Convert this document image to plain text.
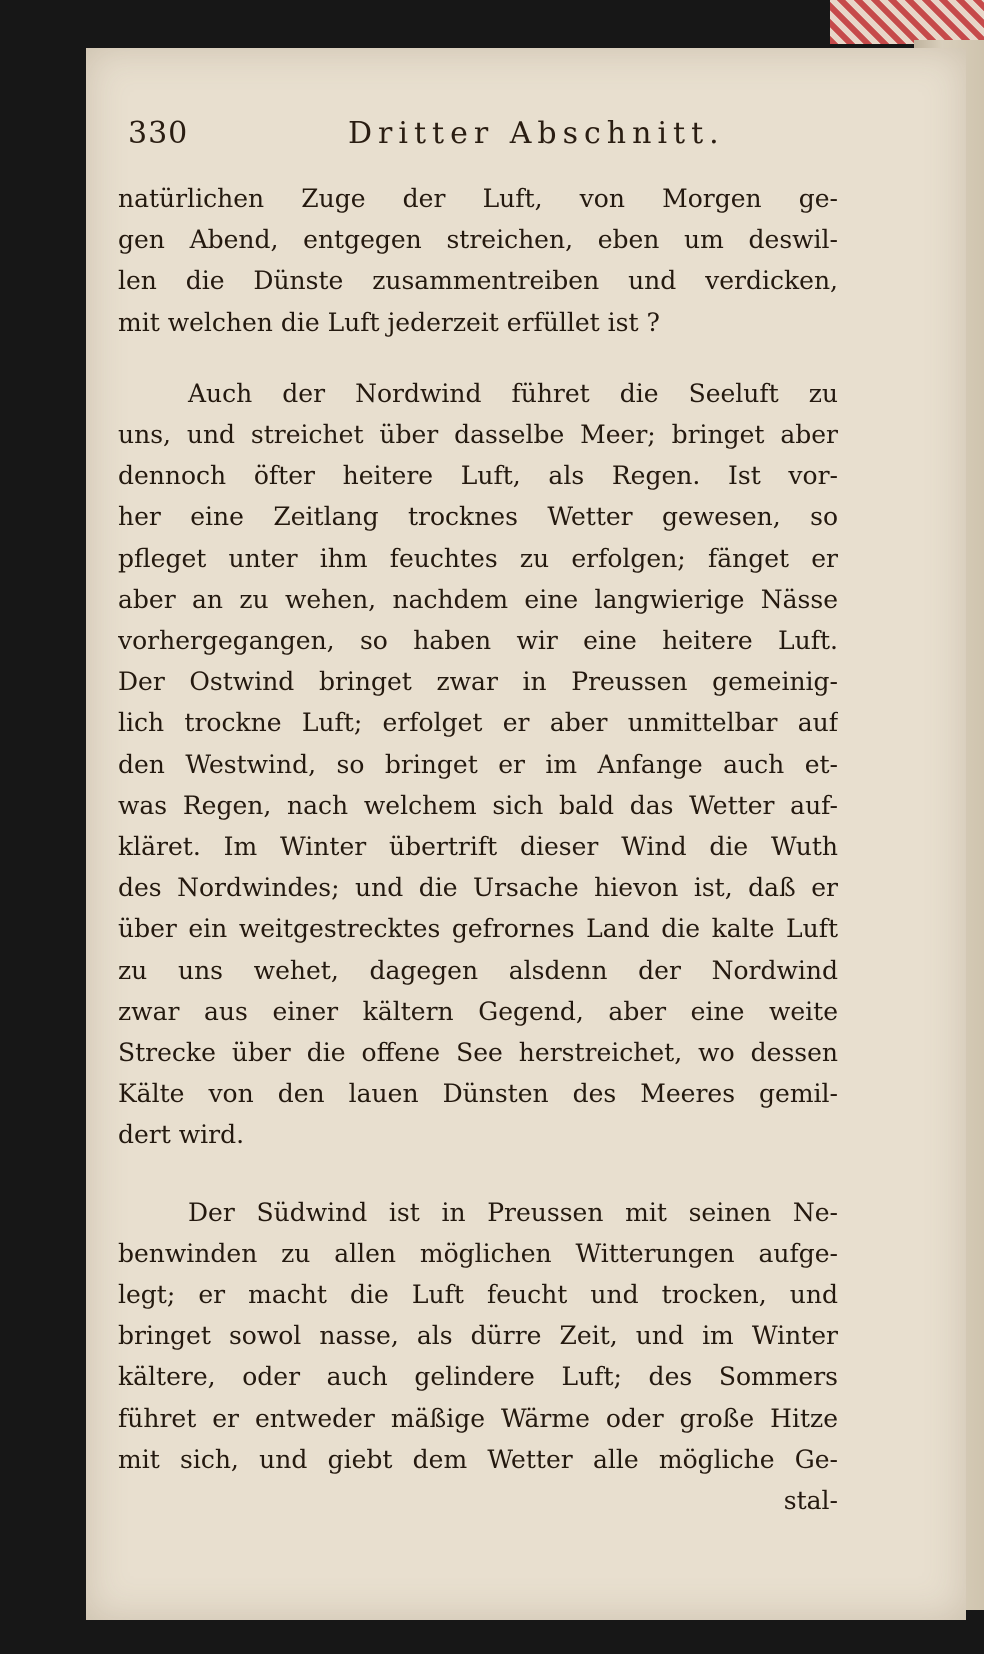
330	Dritter Abschnitt.
natürlichen Zuge der Luft, von Morgen ge-
gen Abend, entgegen streichen, eben um deswil-
len die Dünste zusammentreiben und verdicken,
mit welchen die Luft jederzeit erfüllet ist ?
Auch der Nordwind führet die Seeluft zu
uns, und streichet über dasselbe Meer; bringet aber
dennoch öfter heitere Luft, als Regen. Ist vor-
her eine Zeitlang trocknes Wetter gewesen, so
pfleget unter ihm feuchtes zu erfolgen; fänget er
aber an zu wehen, nachdem eine langwierige Nässe
vorhergegangen, so haben wir eine heitere Luft.
Der Ostwind bringet zwar in Preussen gemeinig-
lich trockne Luft; erfolget er aber unmittelbar auf
den Westwind, so bringet er im Anfange auch et-
was Regen, nach welchem sich bald das Wetter auf-
kläret. Im Winter übertrift dieser Wind die Wuth
des Nordwindes; und die Ursache hievon ist, daß er
über ein weitgestrecktes gefrornes Land die kalte Luft
zu uns wehet, dagegen alsdenn der Nordwind
zwar aus einer kältern Gegend, aber eine weite
Strecke über die offene See herstreichet, wo dessen
Kälte von den lauen Dünsten des Meeres gemil-
dert wird.
Der Südwind ist in Preussen mit seinen Ne-
benwinden zu allen möglichen Witterungen aufge-
legt; er macht die Luft feucht und trocken, und
bringet sowol nasse, als dürre Zeit, und im Winter
kältere, oder auch gelindere Luft; des Sommers
führet er entweder mäßige Wärme oder große Hitze
mit sich, und giebt dem Wetter alle mögliche Ge-
stal-
